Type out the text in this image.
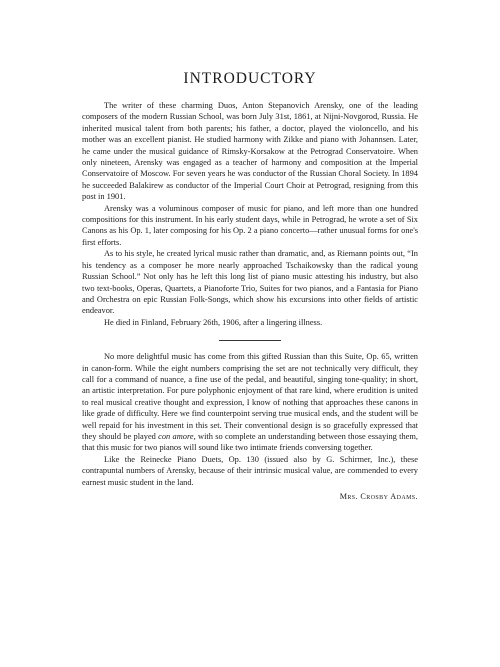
INTRODUCTORY

The writer of these charming Duos, Anton Stepanovich Arensky, one of the leading composers of the modern Russian School, was born July 31st, 1861, at Nijni-Novgorod, Russia. He inherited musical talent from both parents; his father, a doctor, played the violoncello, and his mother was an excellent pianist. He studied harmony with Zikke and piano with Johannsen. Later, he came under the musical guidance of Rimsky-Korsakow at the Petrograd Conservatoire. When only nineteen, Arensky was engaged as a teacher of harmony and composition at the Imperial Conservatoire of Moscow. For seven years he was conductor of the Russian Choral Society. In 1894 he succeeded Balakirew as conductor of the Imperial Court Choir at Petrograd, resigning from this post in 1901.

Arensky was a voluminous composer of music for piano, and left more than one hundred compositions for this instrument. In his early student days, while in Petrograd, he wrote a set of Six Canons as his Op. 1, later composing for his Op. 2 a piano concerto—rather unusual forms for one's first efforts.

As to his style, he created lyrical music rather than dramatic, and, as Riemann points out, “In his tendency as a composer he more nearly approached Tschaikowsky than the radical young Russian School.” Not only has he left this long list of piano music attesting his industry, but also two text-books, Operas, Quartets, a Pianoforte Trio, Suites for two pianos, and a Fantasia for Piano and Orchestra on epic Russian Folk-Songs, which show his excursions into other fields of artistic endeavor.

He died in Finland, February 26th, 1906, after a lingering illness.

No more delightful music has come from this gifted Russian than this Suite, Op. 65, written in canon-form. While the eight numbers comprising the set are not technically very difficult, they call for a command of nuance, a fine use of the pedal, and beautiful, singing tone-quality; in short, an artistic interpretation. For pure polyphonic enjoyment of that rare kind, where erudition is united to real musical creative thought and expression, I know of nothing that approaches these canons in like grade of difficulty. Here we find counterpoint serving true musical ends, and the student will be well repaid for his investment in this set. Their conventional design is so gracefully expressed that they should be played con amore, with so complete an understanding between those essaying them, that this music for two pianos will sound like two intimate friends conversing together.

Like the Reinecke Piano Duets, Op. 130 (issued also by G. Schirmer, Inc.), these contrapuntal numbers of Arensky, because of their intrinsic musical value, are commended to every earnest music student in the land.

Mrs. Crosby Adams.
